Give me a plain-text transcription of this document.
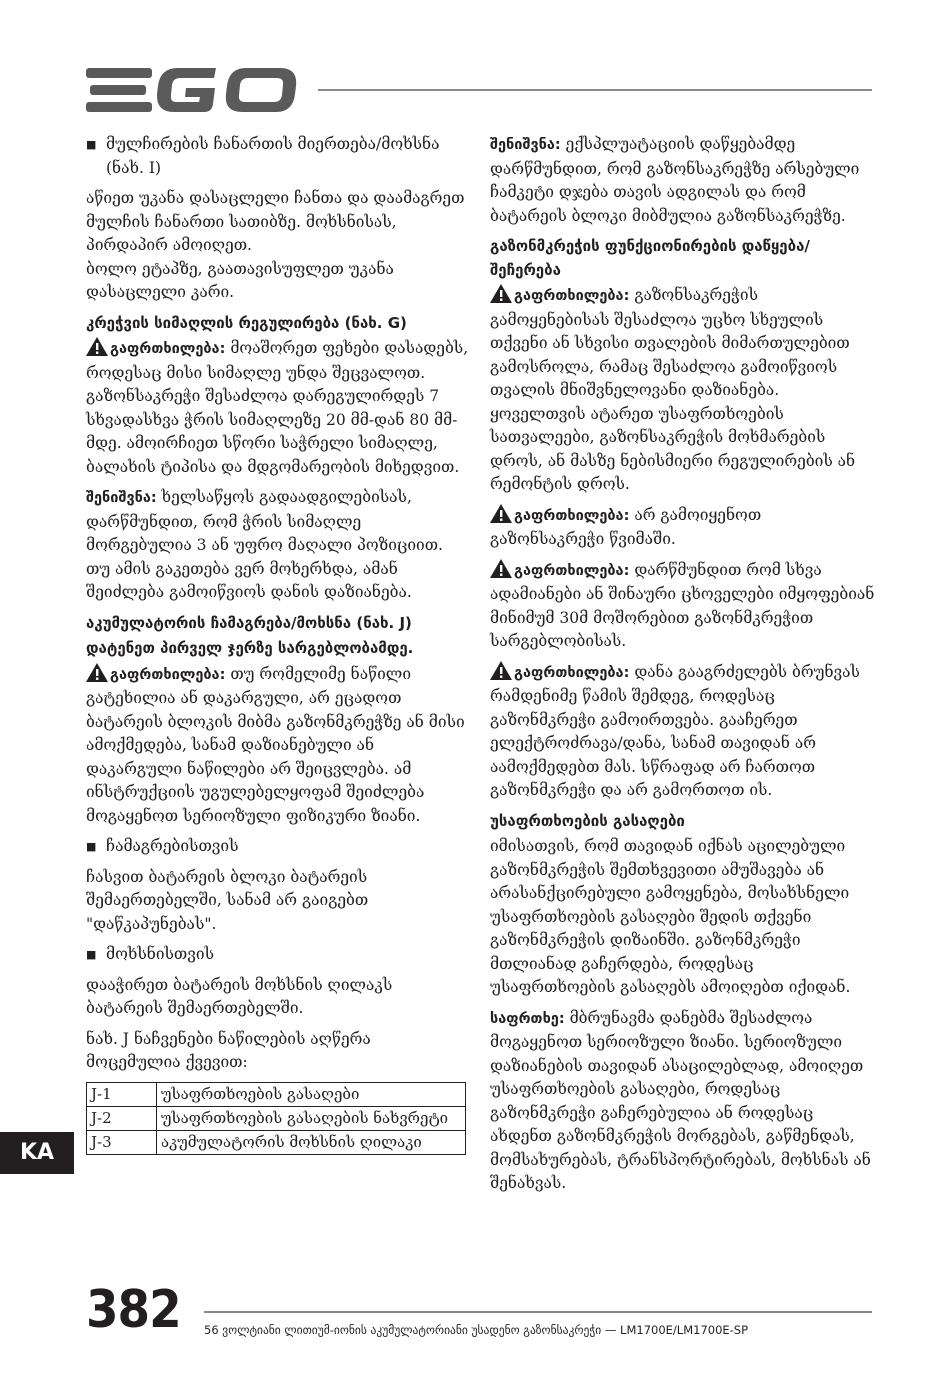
■ მულჩირების ჩანართის მიერთება/მოხსნა (ნახ. I)
აწიეთ უკანა დასაცლელი ჩანთა და დაამაგრეთ მულჩის ჩანართი სათიბზე. მოხსნისას, პირდაპირ ამოიღეთ.
ბოლო ეტაპზე, გაათავისუფლეთ უკანა დასაცლელი კარი.
კრეჭვის სიმაღლის რეგულირება (ნახ. G)
გაფრთხილება: მოაშორეთ ფეხები დასადებს, როდესაც მისი სიმაღლე უნდა შეცვალოთ. გაზონსაკრეჭი შესაძლოა დარეგულირდეს 7 სხვადასხვა ჭრის სიმაღლეზე 20 მმ-დან 80 მმ-მდე. ამოირჩიეთ სწორი საჭრელი სიმაღლე, ბალახის ტიპისა და მდგომარეობის მიხედვით.
შენიშვნა: ხელსაწყოს გადაადგილებისას, დარწმუნდით, რომ ჭრის სიმაღლე მორგებულია 3 ან უფრო მაღალი პოზიციით. თუ ამის გაკეთება ვერ მოხერხდა, ამან შეიძლება გამოიწვიოს დანის დაზიანება.
აკუმულატორის ჩამაგრება/მოხსნა (ნახ. J)
დატენეთ პირველ ჯერზე სარგებლობამდე.
გაფრთხილება: თუ რომელიმე ნაწილი გატეხილია ან დაკარგული, არ ეცადოთ ბატარეის ბლოკის მიბმა გაზონმკრეჭზე ან მისი ამოქმედება, სანამ დაზიანებული ან დაკარგული ნაწილები არ შეიცვლება. ამ ინსტრუქციის უგულებელყოფამ შეიძლება მოგაყენოთ სერიოზული ფიზიკური ზიანი.
■ ჩამაგრებისთვის
ჩასვით ბატარეის ბლოკი ბატარეის შემაერთებელში, სანამ არ გაიგებთ "დაწკაპუნებას".
■ მოხსნისთვის
დააჭირეთ ბატარეის მოხსნის ღილაკს ბატარეის შემაერთებელში.
ნახ. J ნაჩვენები ნაწილების აღწერა მოცემულია ქვევით:
J-1	უსაფრთხოების გასაღები
J-2	უსაფრთხოების გასაღების ნახვრეტი
J-3	აკუმულატორის მოხსნის ღილაკი
შენიშვნა: ექსპლუატაციის დაწყებამდე დარწმუნდით, რომ გაზონსაკრეჭზე არსებული ჩამკეტი დჯება თავის ადგილას და რომ ბატარეის ბლოკი მიბმულია გაზონსაკრეჭზე.
გაზონმკრეჭის ფუნქციონირების დაწყება/შეჩერება
გაფრთხილება: გაზონსაკრეჭის გამოყენებისას შესაძლოა უცხო სხეულის თქვენი ან სხვისი თვალების მიმართულებით გამოსროლა, რამაც შესაძლოა გამოიწვიოს თვალის მნიშვნელოვანი დაზიანება. ყოველთვის ატარეთ უსაფრთხოების სათვალეები, გაზონსაკრეჭის მოხმარების დროს, ან მასზე ნებისმიერი რეგულირების ან რემონტის დროს.
გაფრთხილება: არ გამოიყენოთ გაზონსაკრეჭი წვიმაში.
გაფრთხილება: დარწმუნდით რომ სხვა ადამიანები ან შინაური ცხოველები იმყოფებიან მინიმუმ 30მ მოშორებით გაზონმკრეჭით სარგებლობისას.
გაფრთხილება: დანა გააგრძელებს ბრუნვას რამდენიმე წამის შემდეგ, როდესაც გაზონმკრეჭი გამოირთვება. გააჩერეთ ელექტროძრავა/დანა, სანამ თავიდან არ აამოქმედებთ მას. სწრაფად არ ჩართოთ გაზონმკრეჭი და არ გამორთოთ ის.
უსაფრთხოების გასაღები
იმისათვის, რომ თავიდან იქნას აცილებული გაზონმკრეჭის შემთხვევითი ამუშავება ან არასანქცირებული გამოყენება, მოსახსნელი უსაფრთხოების გასაღები შედის თქვენი გაზონმკრეჭის დიზაინში. გაზონმკრეჭი მთლიანად გაჩერდება, როდესაც უსაფრთხოების გასაღებს ამოიღებთ იქიდან.
საფრთხე: მბრუნავმა დანებმა შესაძლოა მოგაყენოთ სერიოზული ზიანი. სერიოზული დაზიანების თავიდან ასაცილებლად, ამოიღეთ უსაფრთხოების გასაღები, როდესაც გაზონმკრეჭი გაჩერებულია ან როდესაც ახდენთ გაზონმკრეჭის მორგებას, გაწმენდას, მომსახურებას, ტრანსპორტირებას, მოხსნას ან შენახვას.
KA
382 56 ვოლტიანი ლითიუმ-იონის აკუმულატორიანი უსადენო გაზონსაკრეჭი — LM1700E/LM1700E-SP
